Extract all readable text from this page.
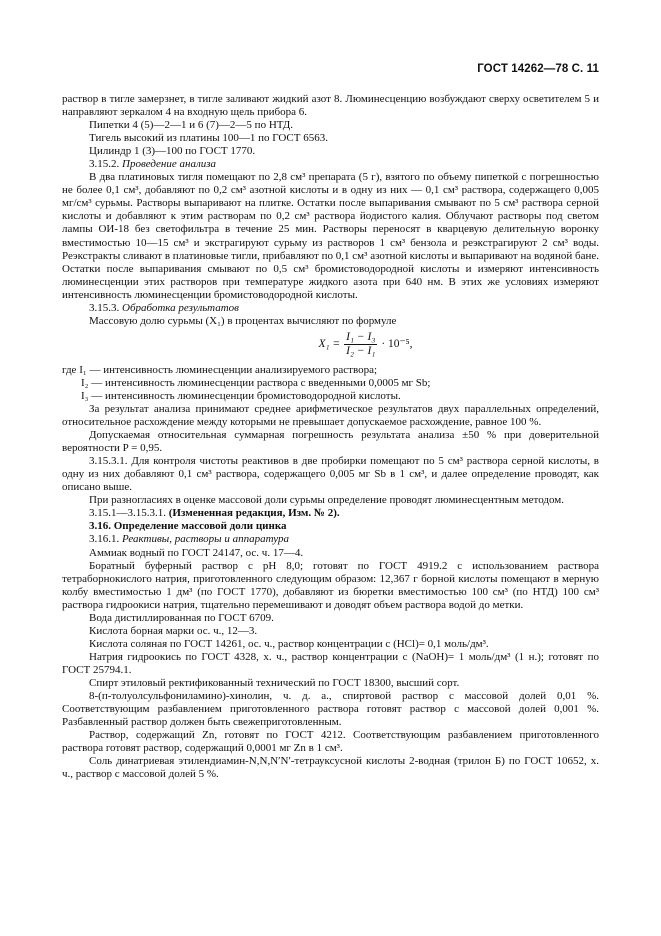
ГОСТ 14262—78 С. 11

раствор в тигле замерзнет, в тигле заливают жидкий азот 8. Люминесценцию возбуждают сверху осветителем 5 и направляют зеркалом 4 на входную щель прибора 6.

Пипетки 4 (5)—2—1 и 6 (7)—2—5 по НТД.

Тигель высокий из платины 100—1 по ГОСТ 6563.

Цилиндр 1 (3)—100 по ГОСТ 1770.

3.15.2. Проведение анализа

В два платиновых тигля помещают по 2,8 см³ препарата (5 г), взятого по объему пипеткой с погрешностью не более 0,1 см³, добавляют по 0,2 см³ азотной кислоты и в одну из них — 0,1 см³ раствора, содержащего 0,005 мг/см³ сурьмы. Растворы выпаривают на плитке. Остатки после выпаривания смывают по 5 см³ раствора серной кислоты и добавляют к этим растворам по 0,2 см³ раствора йодистого калия. Облучают растворы под светом лампы ОИ-18 без светофильтра в течение 25 мин. Растворы переносят в кварцевую делительную воронку вместимостью 10—15 см³ и экстрагируют сурьму из растворов 1 см³ бензола и реэкстрагируют 2 см³ воды. Реэкстракты сливают в платиновые тигли, прибавляют по 0,1 см³ азотной кислоты и выпаривают на водяной бане. Остатки после выпаривания смывают по 0,5 см³ бромистоводородной кислоты и измеряют интенсивность люминесценции этих растворов при температуре жидкого азота при 640 нм. В этих же условиях измеряют интенсивность люминесценции бромистоводородной кислоты.

3.15.3. Обработка результатов

Массовую долю сурьмы (X₁) в процентах вычисляют по формуле

$X_1 = \frac{\text{I₁ − I₃}}{\text{I₂ − I₁}} \cdot 10^{-5}$,

где I₁ — интенсивность люминесценции анализируемого раствора;

I₂ — интенсивность люминесценции раствора с введенными 0,0005 мг Sb;

I₃ — интенсивность люминесценции бромистоводородной кислоты.

За результат анализа принимают среднее арифметическое результатов двух параллельных определений, относительное расхождение между которыми не превышает допускаемое расхождение, равное 100 %.

Допускаемая относительная суммарная погрешность результата анализа ±50 % при доверительной вероятности P = 0,95.

3.15.3.1. Для контроля чистоты реактивов в две пробирки помещают по 5 см³ раствора серной кислоты, в одну из них добавляют 0,1 см³ раствора, содержащего 0,005 мг Sb в 1 см³, и далее определение проводят, как описано выше.

При разногласиях в оценке массовой доли сурьмы определение проводят люминесцентным методом.

3.15.1—3.15.3.1. (Измененная редакция, Изм. № 2).

3.16. Определение массовой доли цинка

3.16.1. Реактивы, растворы и аппаратура

Аммиак водный по ГОСТ 24147, ос. ч. 17—4.

Боратный буферный раствор с pH 8,0; готовят по ГОСТ 4919.2 с использованием раствора тетраборнокислого натрия, приготовленного следующим образом: 12,367 г борной кислоты помещают в мерную колбу вместимостью 1 дм³ (по ГОСТ 1770), добавляют из бюретки вместимостью 100 см³ (по НТД) 100 см³ раствора гидроокиси натрия, тщательно перемешивают и доводят объем раствора водой до метки.

Вода дистиллированная по ГОСТ 6709.

Кислота борная марки ос. ч., 12—3.

Кислота соляная по ГОСТ 14261, ос. ч., раствор концентрации с (HCl)= 0,1 моль/дм³.

Натрия гидроокись по ГОСТ 4328, х. ч., раствор концентрации с (NaOH)= 1 моль/дм³ (1 н.); готовят по ГОСТ 25794.1.

Спирт этиловый ректификованный технический по ГОСТ 18300, высший сорт.

8-(п-толуолсульфониламино)-хинолин, ч. д. а., спиртовой раствор с массовой долей 0,01 %. Соответствующим разбавлением приготовленного раствора готовят раствор с массовой долей 0,001 %. Разбавленный раствор должен быть свежеприготовленным.

Раствор, содержащий Zn, готовят по ГОСТ 4212. Соответствующим разбавлением приготовленного раствора готовят раствор, содержащий 0,0001 мг Zn в 1 см³.

Соль динатриевая этилендиамин-N,N,N′N′-тетрауксусной кислоты 2-водная (трилон Б) по ГОСТ 10652, х. ч., раствор с массовой долей 5 %.
